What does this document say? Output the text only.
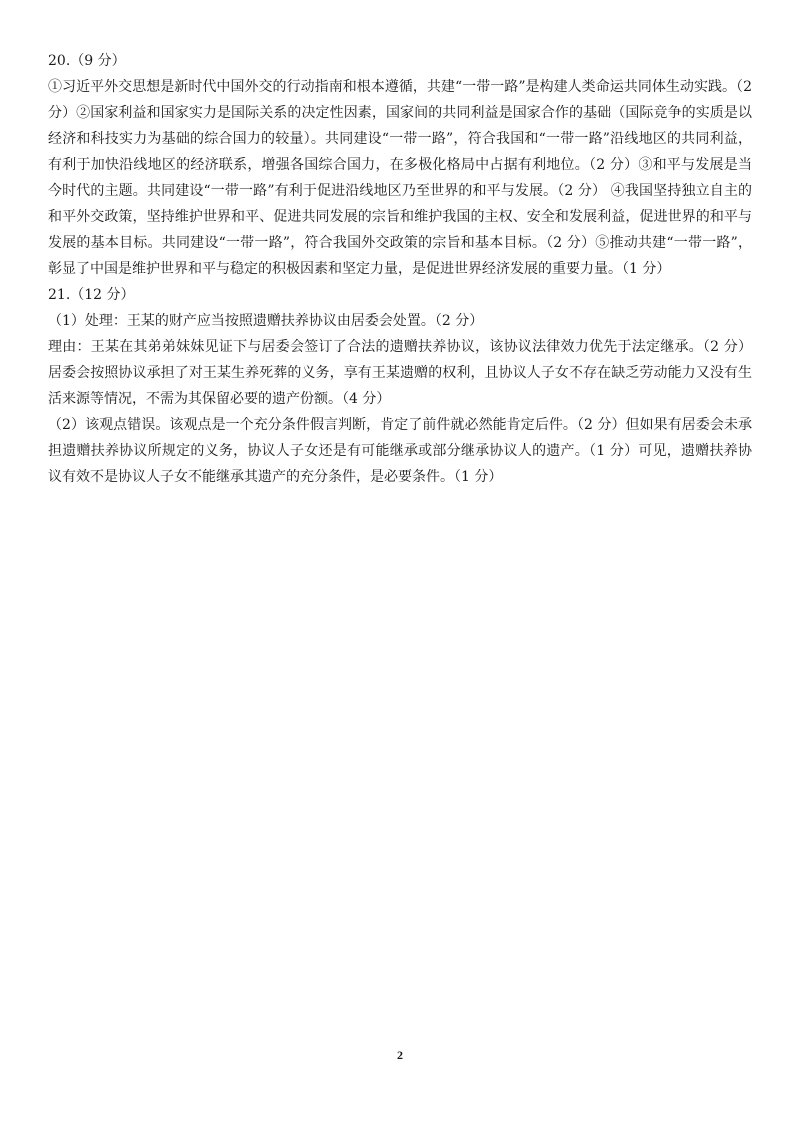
20.（9 分）

①习近平外交思想是新时代中国外交的行动指南和根本遵循，共建“一带一路”是构建人类命运共同体生动实践。（2 分）②国家利益和国家实力是国际关系的决定性因素，国家间的共同利益是国家合作的基础（国际竞争的实质是以经济和科技实力为基础的综合国力的较量）。共同建设“一带一路”，符合我国和“一带一路”沿线地区的共同利益，有利于加快沿线地区的经济联系，增强各国综合国力，在多极化格局中占据有利地位。（2 分）③和平与发展是当今时代的主题。共同建设“一带一路”有利于促进沿线地区乃至世界的和平与发展。（2 分） ④我国坚持独立自主的和平外交政策，坚持维护世界和平、促进共同发展的宗旨和维护我国的主权、安全和发展利益，促进世界的和平与发展的基本目标。共同建设“一带一路”，符合我国外交政策的宗旨和基本目标。（2 分）⑤推动共建“一带一路”，彰显了中国是维护世界和平与稳定的积极因素和坚定力量，是促进世界经济发展的重要力量。（1 分）

21.（12 分）

（1）处理：王某的财产应当按照遗赠扶养协议由居委会处置。（2 分）

理由：王某在其弟弟妹妹见证下与居委会签订了合法的遗赠扶养协议，该协议法律效力优先于法定继承。（2 分）居委会按照协议承担了对王某生养死葬的义务，享有王某遗赠的权利，且协议人子女不存在缺乏劳动能力又没有生活来源等情况，不需为其保留必要的遗产份额。（4 分）

（2）该观点错误。该观点是一个充分条件假言判断，肯定了前件就必然能肯定后件。（2 分）但如果有居委会未承担遗赠扶养协议所规定的义务，协议人子女还是有可能继承或部分继承协议人的遗产。（1 分）可见，遗赠扶养协议有效不是协议人子女不能继承其遗产的充分条件，是必要条件。（1 分）

2
